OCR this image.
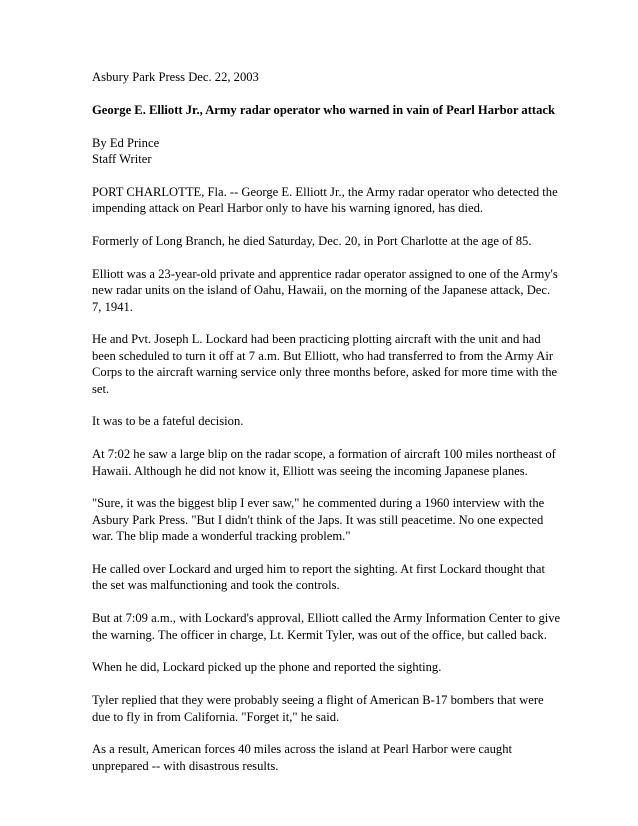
Asbury Park Press Dec. 22, 2003

George E. Elliott Jr., Army radar operator who warned in vain of Pearl Harbor attack

By Ed Prince
Staff Writer

PORT CHARLOTTE, Fla. -- George E. Elliott Jr., the Army radar operator who detected the impending attack on Pearl Harbor only to have his warning ignored, has died.

Formerly of Long Branch, he died Saturday, Dec. 20, in Port Charlotte at the age of 85.

Elliott was a 23-year-old private and apprentice radar operator assigned to one of the Army's new radar units on the island of Oahu, Hawaii, on the morning of the Japanese attack, Dec. 7, 1941.

He and Pvt. Joseph L. Lockard had been practicing plotting aircraft with the unit and had been scheduled to turn it off at 7 a.m. But Elliott, who had transferred to from the Army Air Corps to the aircraft warning service only three months before, asked for more time with the set.

It was to be a fateful decision.

At 7:02 he saw a large blip on the radar scope, a formation of aircraft 100 miles northeast of Hawaii. Although he did not know it, Elliott was seeing the incoming Japanese planes.

"Sure, it was the biggest blip I ever saw," he commented during a 1960 interview with the Asbury Park Press. "But I didn't think of the Japs. It was still peacetime. No one expected war. The blip made a wonderful tracking problem."

He called over Lockard and urged him to report the sighting. At first Lockard thought that the set was malfunctioning and took the controls.

But at 7:09 a.m., with Lockard's approval, Elliott called the Army Information Center to give the warning. The officer in charge, Lt. Kermit Tyler, was out of the office, but called back.

When he did, Lockard picked up the phone and reported the sighting.

Tyler replied that they were probably seeing a flight of American B-17 bombers that were due to fly in from California. "Forget it," he said.

As a result, American forces 40 miles across the island at Pearl Harbor were caught unprepared -- with disastrous results.
